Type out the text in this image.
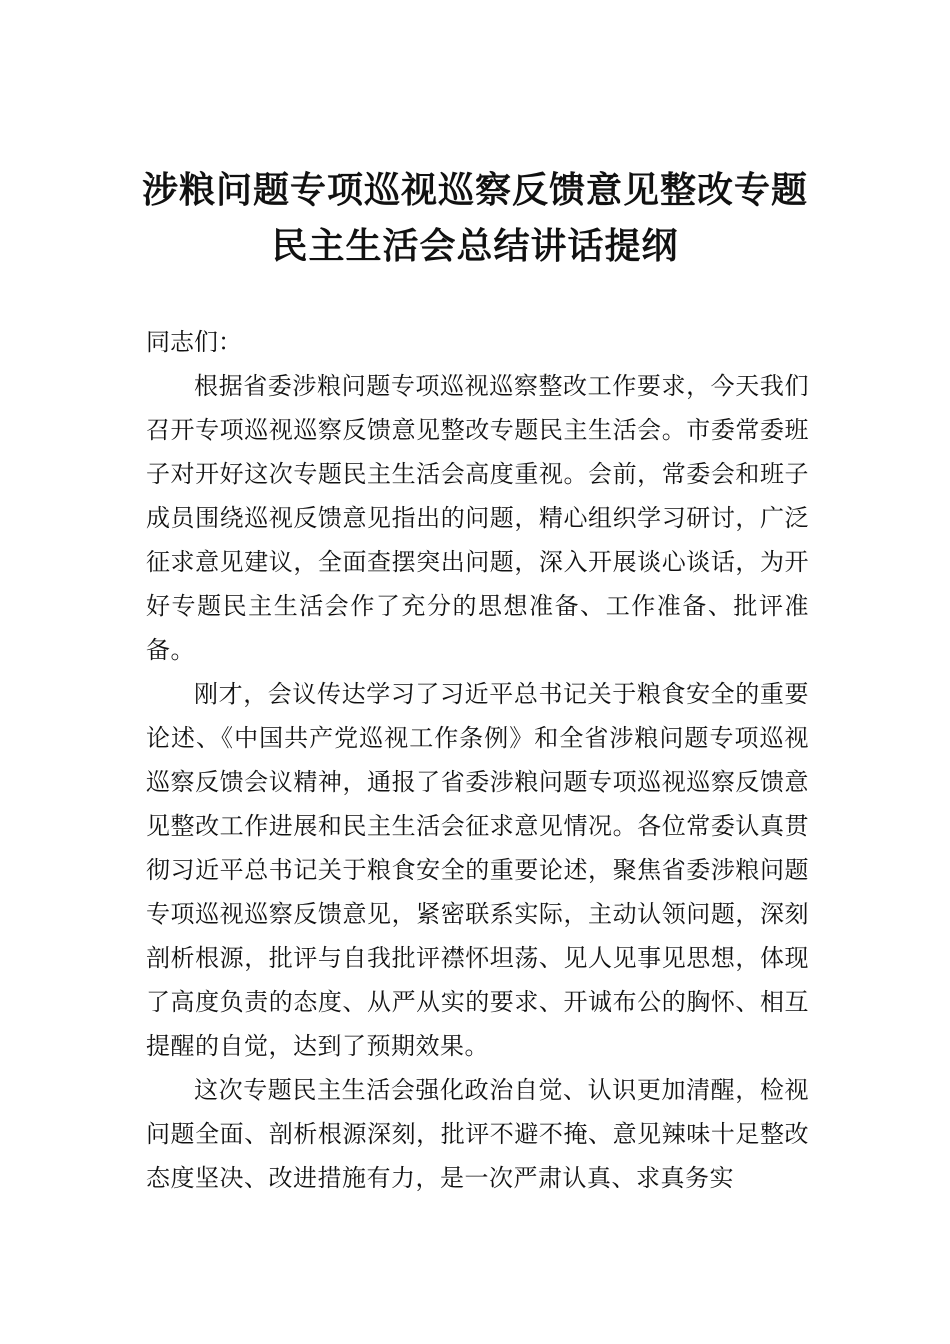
涉粮问题专项巡视巡察反馈意见整改专题
民主生活会总结讲话提纲

同志们：

根据省委涉粮问题专项巡视巡察整改工作要求，今天我们召开专项巡视巡察反馈意见整改专题民主生活会。市委常委班子对开好这次专题民主生活会高度重视。会前，常委会和班子成员围绕巡视反馈意见指出的问题，精心组织学习研讨，广泛征求意见建议，全面查摆突出问题，深入开展谈心谈话，为开好专题民主生活会作了充分的思想准备、工作准备、批评准备。

刚才，会议传达学习了习近平总书记关于粮食安全的重要论述、《中国共产党巡视工作条例》和全省涉粮问题专项巡视巡察反馈会议精神，通报了省委涉粮问题专项巡视巡察反馈意见整改工作进展和民主生活会征求意见情况。各位常委认真贯彻习近平总书记关于粮食安全的重要论述，聚焦省委涉粮问题专项巡视巡察反馈意见，紧密联系实际，主动认领问题，深刻剖析根源，批评与自我批评襟怀坦荡、见人见事见思想，体现了高度负责的态度、从严从实的要求、开诚布公的胸怀、相互提醒的自觉，达到了预期效果。

这次专题民主生活会强化政治自觉、认识更加清醒，检视问题全面、剖析根源深刻，批评不避不掩、意见辣味十足整改态度坚决、改进措施有力，是一次严肃认真、求真务实
